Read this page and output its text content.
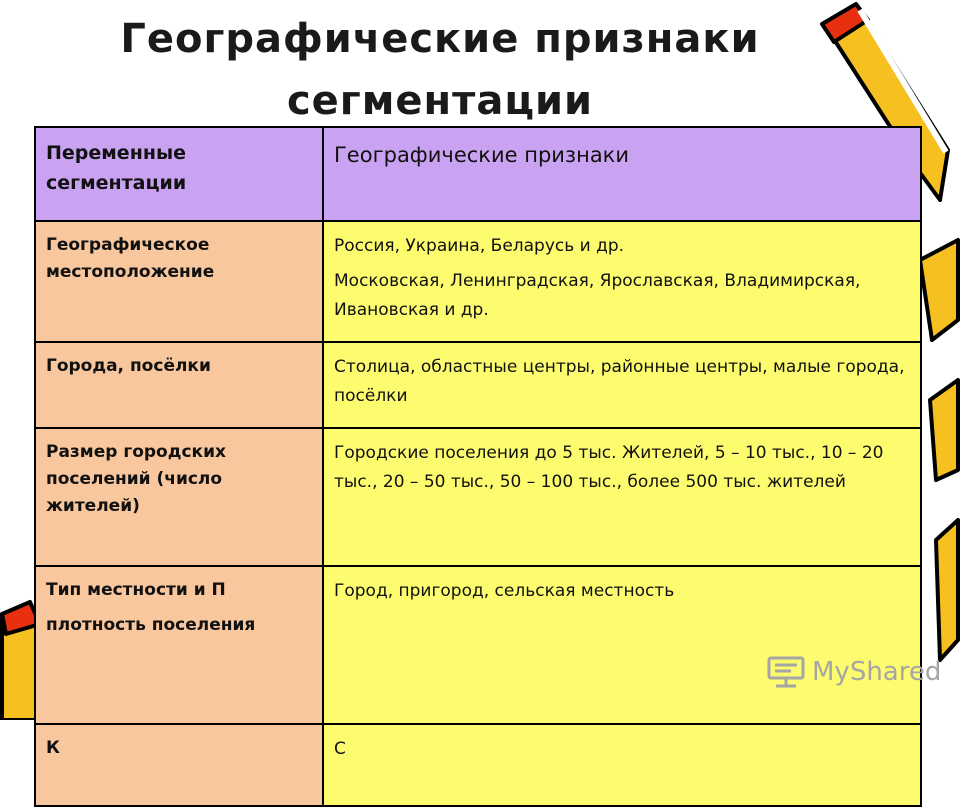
Географические признаки
сегментации
Переменные сегментации	Географические признаки
Географическое местоположение	Россия, Украина, Беларусь и др.

Московская, Ленинградская, Ярославская, Владимирская, Ивановская и др.

Города, посёлки	Столица, областные центры, районные центры, малые города, посёлки

Размер городских поселений (число жителей)	Городские поселения до 5 тыс. Жителей, 5 – 10 тыс., 10 – 20 тыс., 20 – 50 тыс., 50 – 100 тыс., более 500 тыс. жителей

Тип местности и П
плотность поселения	Город, пригород, сельская местность

К	С

MyShared
